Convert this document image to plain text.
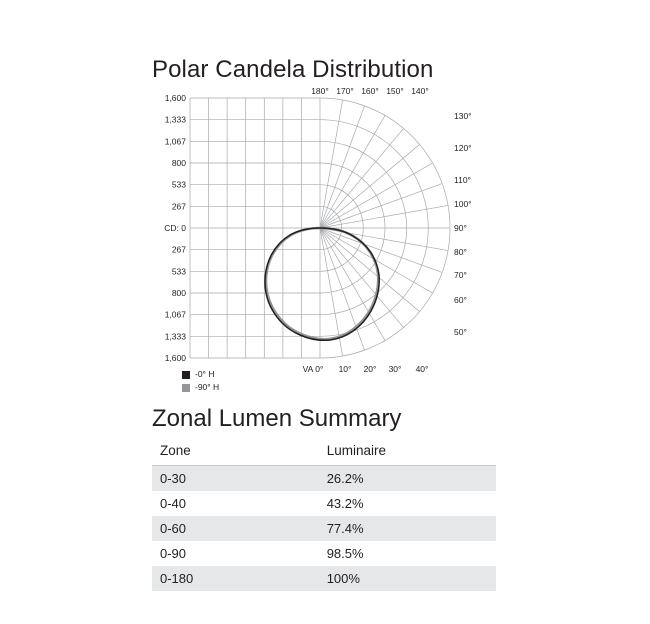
Polar Candela Distribution
1,600
1,333
1,067
800
533
267
CD: 0
267
533
800
1,067
1,333
1,600
180° 170° 160° 150° 140°
130°
120°
110°
100°
90°
80°
70°
60°
50°
VA 0° 10° 20° 30° 40°
-0° H
-90° H
Zonal Lumen Summary
Zone	Luminaire
0-30	26.2%
0-40	43.2%
0-60	77.4%
0-90	98.5%
0-180	100%
